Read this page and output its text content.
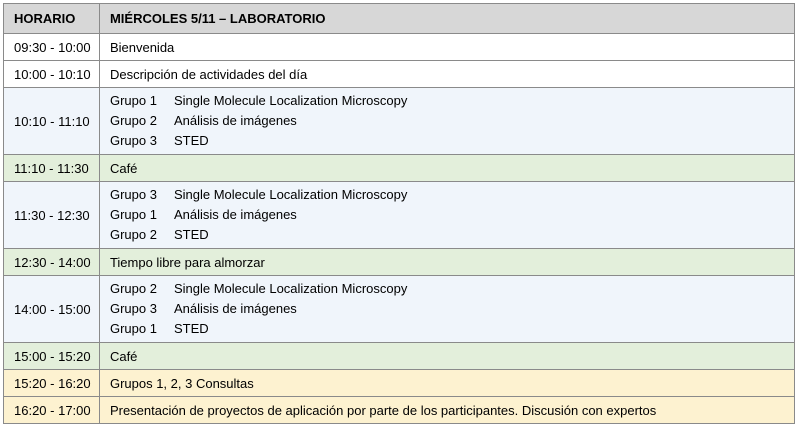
HORARIO	MIÉRCOLES 5/11 – LABORATORIO
09:30 - 10:00	Bienvenida
10:00 - 10:10	Descripción de actividades del día
10:10 - 11:10	Grupo 1 Single Molecule Localization Microscopy
Grupo 2 Análisis de imágenes
Grupo 3 STED

11:10 - 11:30	Café
11:30 - 12:30	Grupo 3 Single Molecule Localization Microscopy
Grupo 1 Análisis de imágenes
Grupo 2 STED

12:30 - 14:00	Tiempo libre para almorzar
14:00 - 15:00	Grupo 2 Single Molecule Localization Microscopy
Grupo 3 Análisis de imágenes
Grupo 1 STED

15:00 - 15:20	Café
15:20 - 16:20	Grupos 1, 2, 3 Consultas
16:20 - 17:00	Presentación de proyectos de aplicación por parte de los participantes. Discusión con expertos
